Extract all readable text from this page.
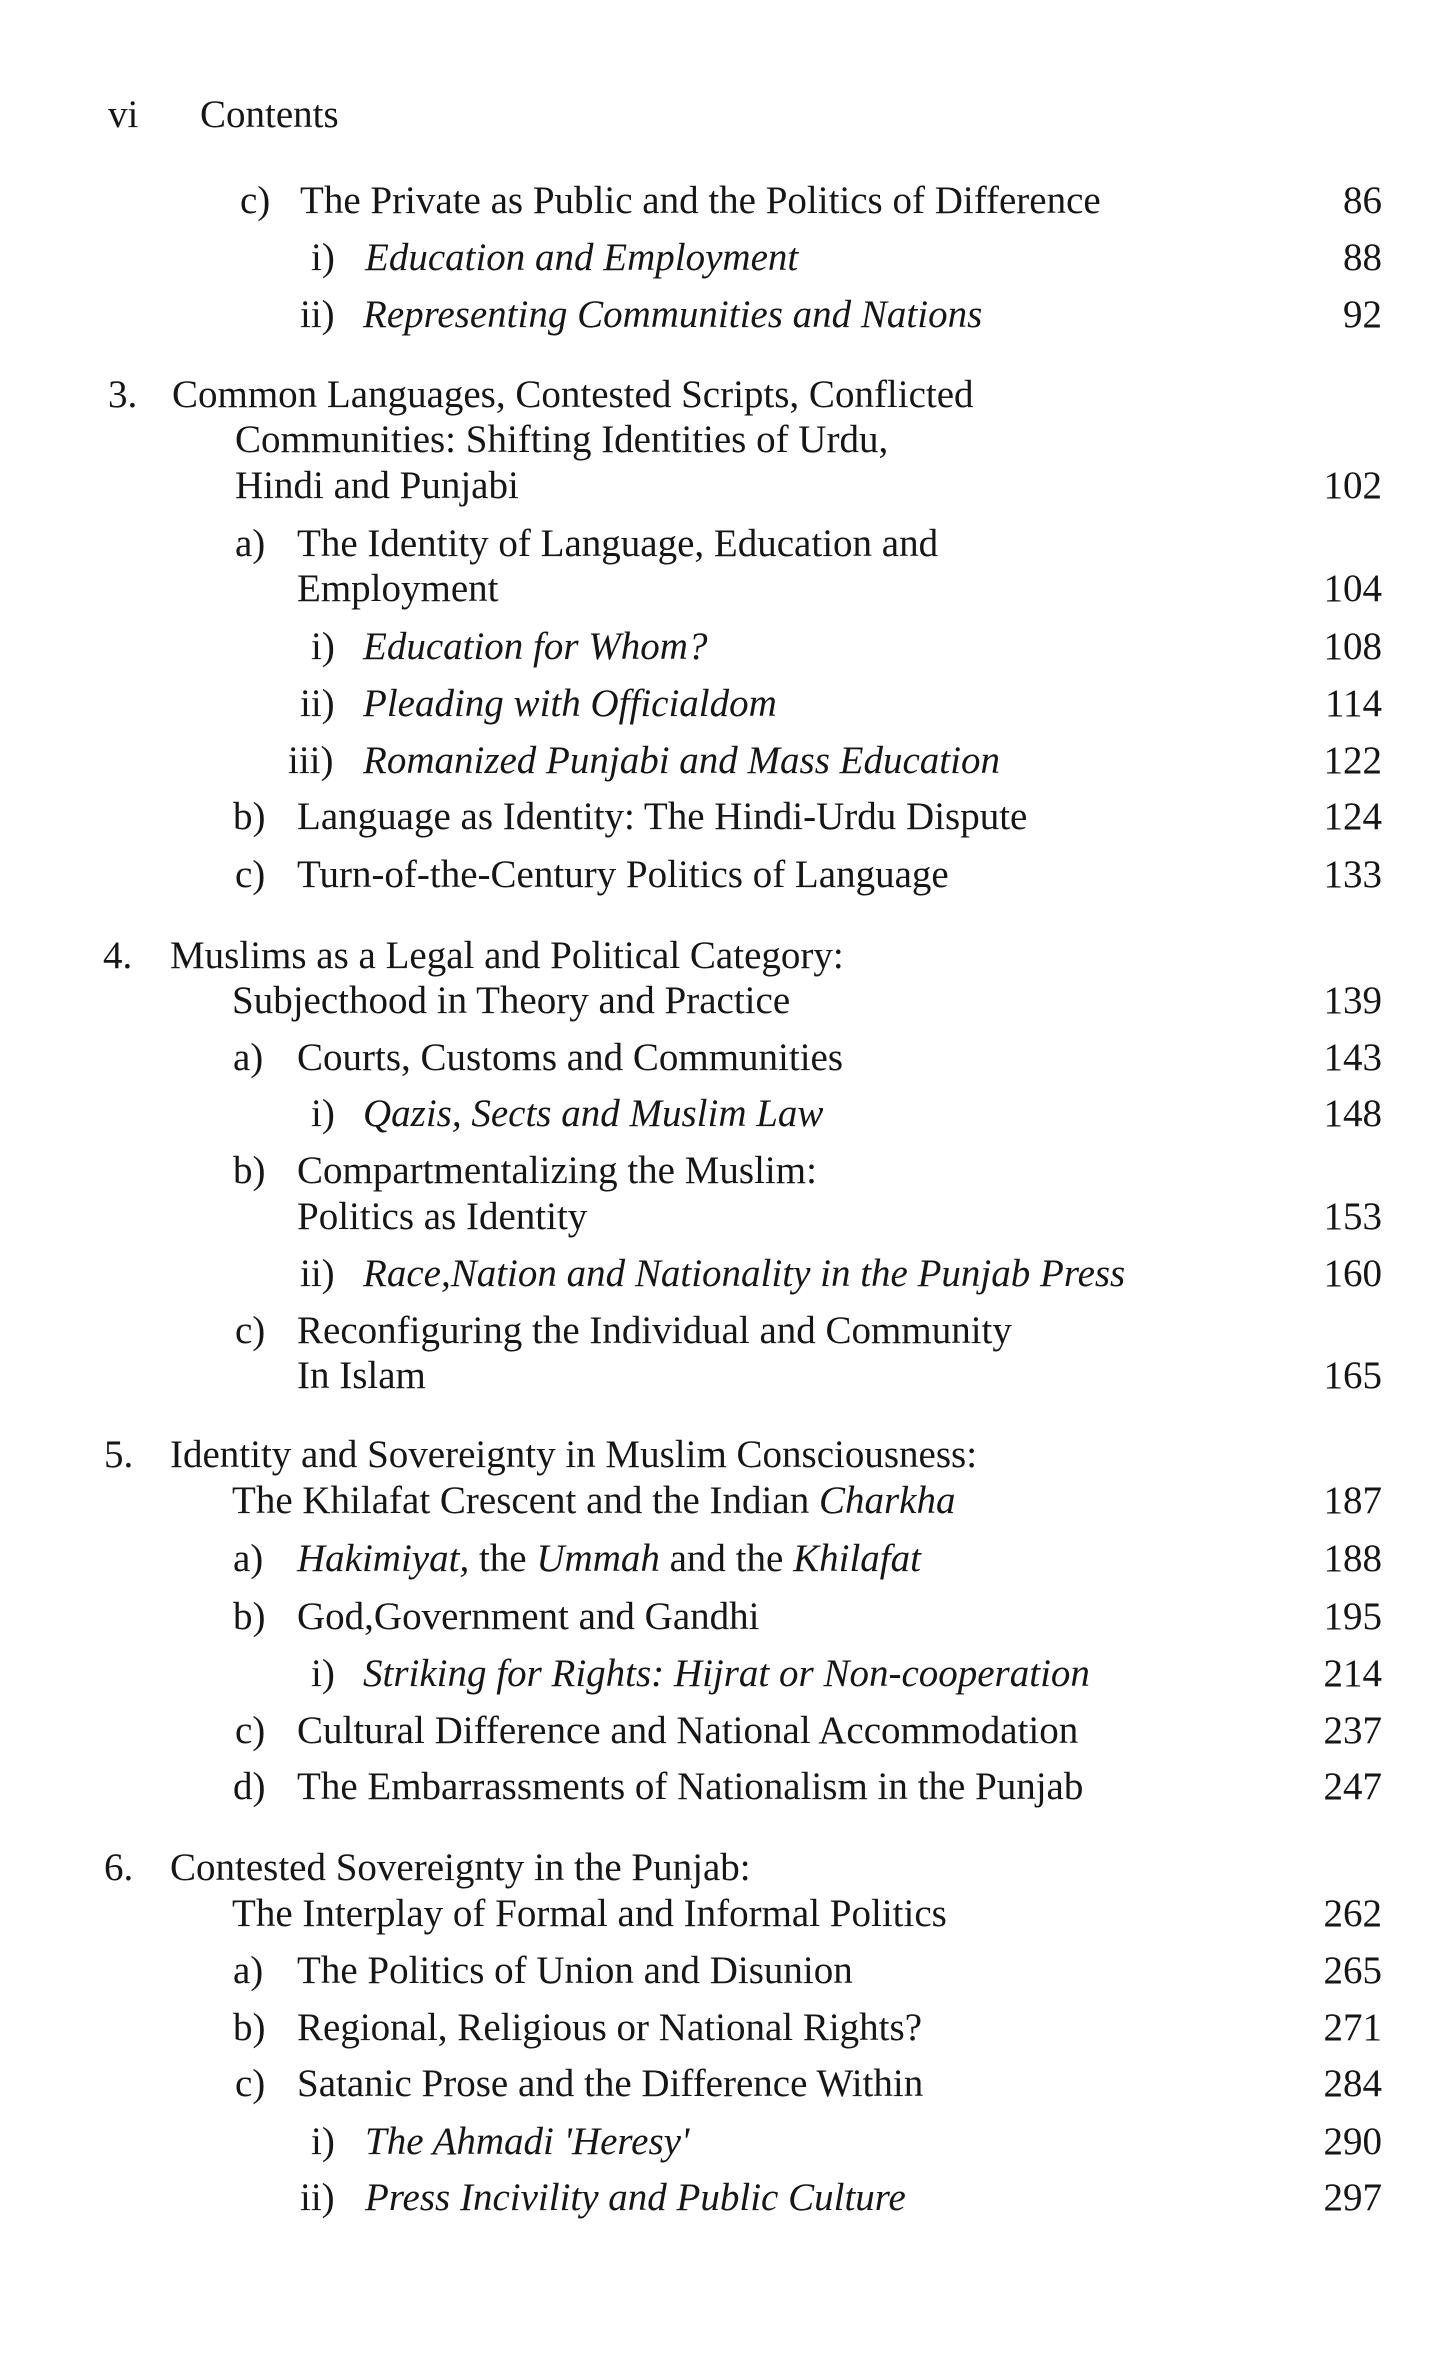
vi	Contents
c) The Private as Public and the Politics of Difference	86
i) Education and Employment	88
ii) Representing Communities and Nations	92
3. Common Languages, Contested Scripts, Conflicted
Communities: Shifting Identities of Urdu,
Hindi and Punjabi	102
a) The Identity of Language, Education and
Employment	104
i) Education for Whom?	108
ii) Pleading with Officialdom	114
iii) Romanized Punjabi and Mass Education	122
b) Language as Identity: The Hindi-Urdu Dispute	124
c) Turn-of-the-Century Politics of Language	133
4. Muslims as a Legal and Political Category:
Subjecthood in Theory and Practice	139
a) Courts, Customs and Communities	143
i) Qazis, Sects and Muslim Law	148
b) Compartmentalizing the Muslim:
Politics as Identity	153
ii) Race,Nation and Nationality in the Punjab Press	160
c) Reconfiguring the Individual and Community
In Islam	165
5. Identity and Sovereignty in Muslim Consciousness:
The Khilafat Crescent and the Indian Charkha	187
a) Hakimiyat, the Ummah and the Khilafat	188
b) God,Government and Gandhi	195
i) Striking for Rights: Hijrat or Non-cooperation	214
c) Cultural Difference and National Accommodation	237
d) The Embarrassments of Nationalism in the Punjab	247
6. Contested Sovereignty in the Punjab:
The Interplay of Formal and Informal Politics	262
a) The Politics of Union and Disunion	265
b) Regional, Religious or National Rights?	271
c) Satanic Prose and the Difference Within	284
i) The Ahmadi 'Heresy'	290
ii) Press Incivility and Public Culture	297
